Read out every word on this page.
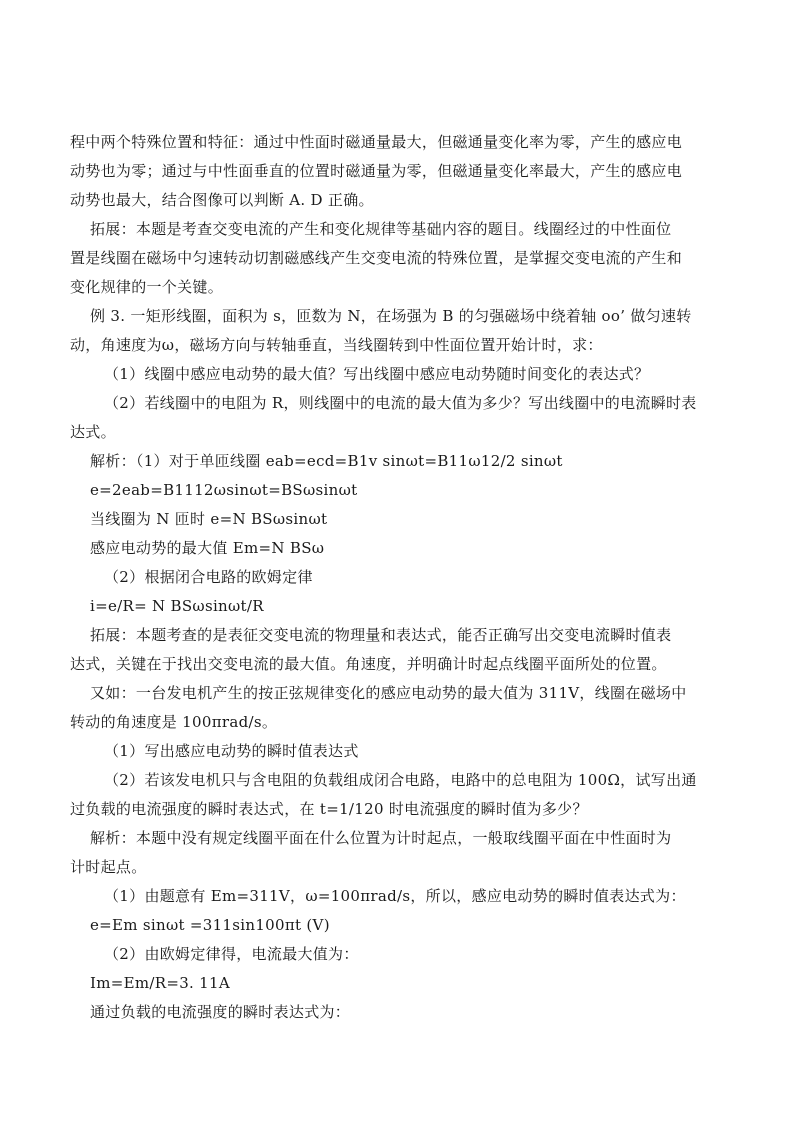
程中两个特殊位置和特征：通过中性面时磁通量最大，但磁通量变化率为零，产生的感应电
动势也为零；通过与中性面垂直的位置时磁通量为零，但磁通量变化率最大，产生的感应电
动势也最大，结合图像可以判断 A. D 正确。
拓展：本题是考查交变电流的产生和变化规律等基础内容的题目。线圈经过的中性面位
置是线圈在磁场中匀速转动切割磁感线产生交变电流的特殊位置，是掌握交变电流的产生和
变化规律的一个关键。
例 3. 一矩形线圈，面积为 s，匝数为 N，在场强为 B 的匀强磁场中绕着轴 oo’ 做匀速转
动，角速度为ω，磁场方向与转轴垂直，当线圈转到中性面位置开始计时，求：
（1）线圈中感应电动势的最大值？写出线圈中感应电动势随时间变化的表达式？
（2）若线圈中的电阻为 R，则线圈中的电流的最大值为多少？写出线圈中的电流瞬时表
达式。
解析：（1）对于单匝线圈 eab=ecd=B1v sinωt=B11ω12/2 sinωt
e=2eab=B1112ωsinωt=BSωsinωt
当线圈为 N 匝时 e=N BSωsinωt
感应电动势的最大值 Em=N BSω
（2）根据闭合电路的欧姆定律
i=e/R= N BSωsinωt/R
拓展：本题考查的是表征交变电流的物理量和表达式，能否正确写出交变电流瞬时值表
达式，关键在于找出交变电流的最大值。角速度，并明确计时起点线圈平面所处的位置。
又如：一台发电机产生的按正弦规律变化的感应电动势的最大值为 311V，线圈在磁场中
转动的角速度是 100πrad/s。
（1）写出感应电动势的瞬时值表达式
（2）若该发电机只与含电阻的负载组成闭合电路，电路中的总电阻为 100Ω，试写出通
过负载的电流强度的瞬时表达式，在 t=1/120 时电流强度的瞬时值为多少？
解析：本题中没有规定线圈平面在什么位置为计时起点，一般取线圈平面在中性面时为
计时起点。
（1）由题意有 Em=311V，ω=100πrad/s，所以，感应电动势的瞬时值表达式为：
e=Em sinωt =311sin100πt (V)
（2）由欧姆定律得，电流最大值为：
Im=Em/R=3. 11A
通过负载的电流强度的瞬时表达式为：
